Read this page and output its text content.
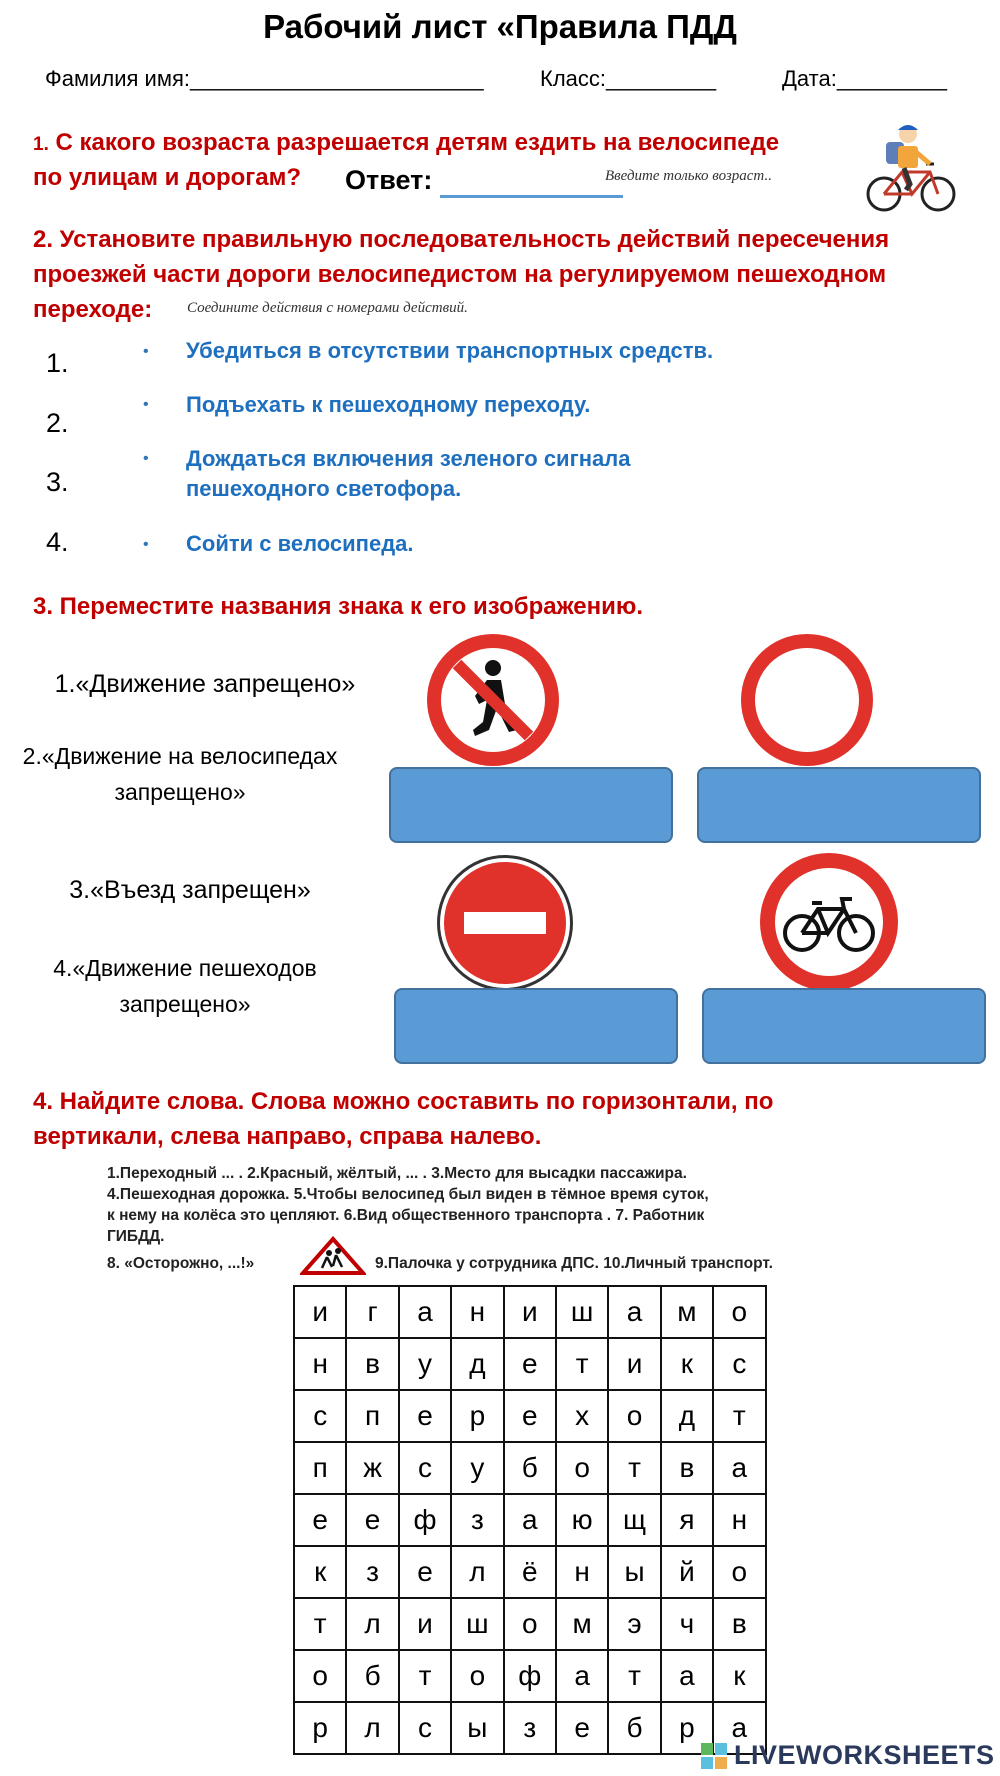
Рабочий лист «Правила ПДД
Фамилия имя:________________________	Класс:_________	Дата:_________
1. С какого возраста разрешается детям ездить на велосипеде
по улицам и дорогам? Ответ:	Введите только возраст..
2. Установите правильную последовательность действий пересечения
проезжей части дороги велосипедистом на регулируемом пешеходном
переходе: Соедините действия с номерами действий.
1.
2.
3.
4.
• Убедиться в отсутствии транспортных средств.
• Подъехать к пешеходному переходу.
• Дождаться включения зеленого сигнала пешеходного светофора.
• Сойти с велосипеда.
3. Переместите названия знака к его изображению.
1.«Движение запрещено»
2.«Движение на велосипедах запрещено»
3.«Въезд запрещен»
4.«Движение пешеходов запрещено»
4. Найдите слова. Слова можно составить по горизонтали, по
вертикали, слева направо, справа налево.
1.Переходный ... . 2.Красный, жёлтый, ... . 3.Место для высадки пассажира.
4.Пешеходная дорожка. 5.Чтобы велосипед был виден в тёмное время суток,
к нему на колёса это цепляют. 6.Вид общественного транспорта . 7. Работник
ГИБДД.
8. «Осторожно, ...!»	9.Палочка у сотрудника ДПС. 10.Личный транспорт.
и	г	а	н	и	ш	а	м	о
н	в	у	д	е	т	и	к	с
с	п	е	р	е	х	о	д	т
п	ж	с	у	б	о	т	в	а
е	е	ф	з	а	ю	щ	я	н
к	з	е	л	ё	н	ы	й	о
т	л	и	ш	о	м	э	ч	в
о	б	т	о	ф	а	т	а	к
р	л	с	ы	з	е	б	р	а
LIVEWORKSHEETS
